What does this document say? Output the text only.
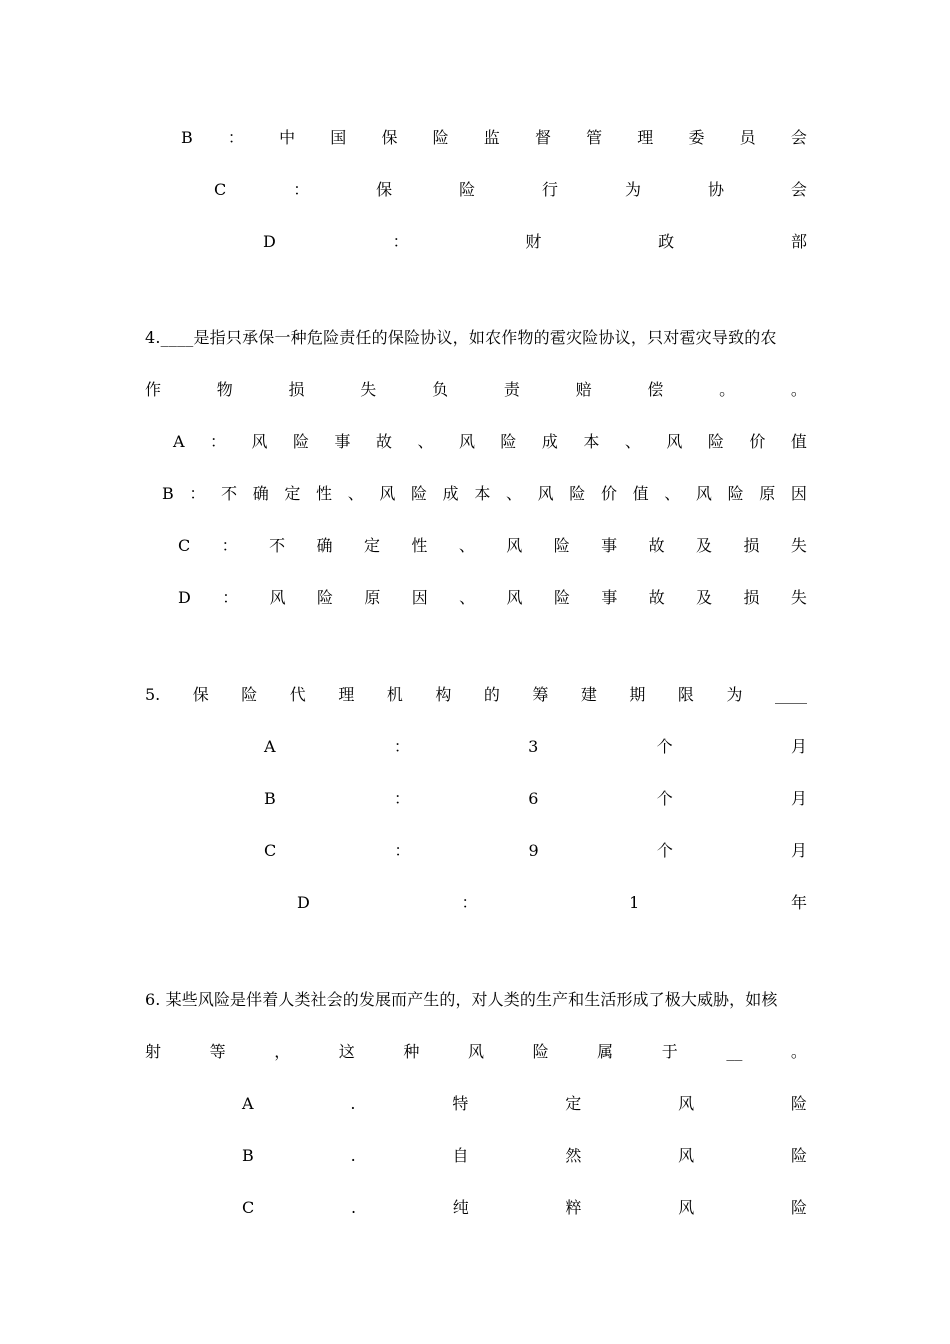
B ： 中 国 保 险 监 督 管 理 委 员 会
C	：	保	险	行	为	协	会
D	：	财	政	部
4.____是指只承保一种危险责任的保险协议，如农作物的雹灾险协议，只对雹灾导致的农
作	物	损	失	负	责	赔	偿	。	。
A ： 风 险 事 故 、 风 险 成 本 、 风 险 价 值
B ： 不 确 定 性 、 风 险 成 本 、 风 险 价 值 、 风 险 原 因
C ： 不 确 定 性 、 风 险 事 故 及 损 失
D ： 风 险 原 因 、 风 险 事 故 及 损 失
5. 保 险 代 理 机 构 的 筹 建 期 限 为 ____
A	：	3	个	月
B	：	6	个	月
C	：	9	个	月
D	：	1	年
6. 某些风险是伴着人类社会的发展而产生的，对人类的生产和生活形成了极大威胁，如核
射	等	，	这	种	风	险	属	于	__	。
A	.	特	定	风	险
B	.	自	然	风	险
C	.	纯	粹	风	险
